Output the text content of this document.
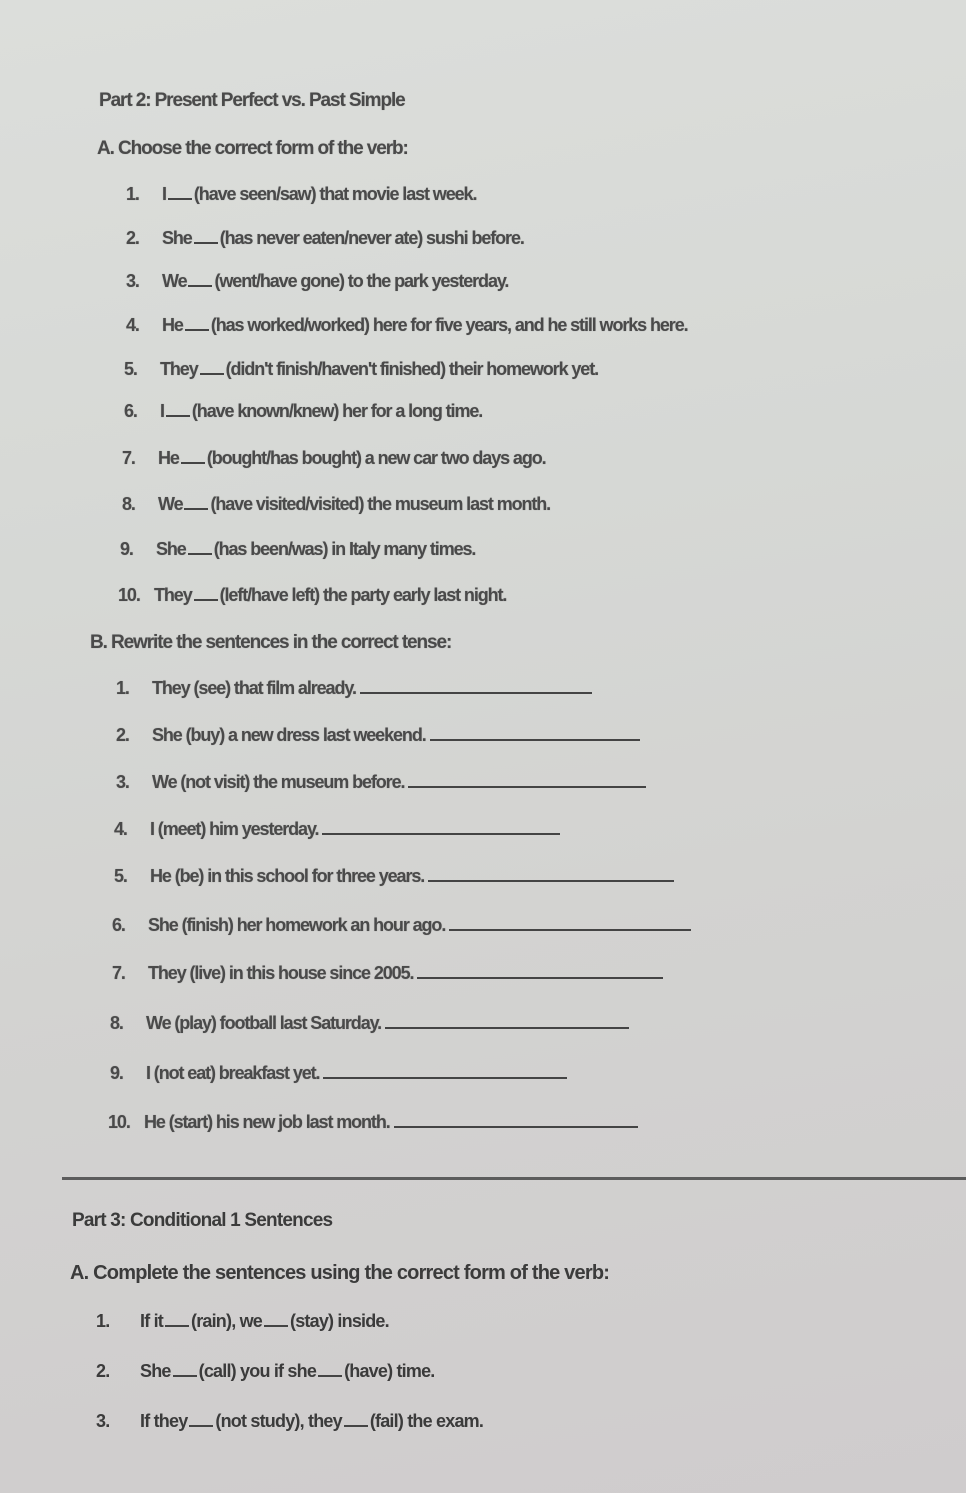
Part 2: Present Perfect vs. Past Simple
A. Choose the correct form of the verb:
1. I (have seen/saw) that movie last week.
2. She (has never eaten/never ate) sushi before.
3. We (went/have gone) to the park yesterday.
4. He (has worked/worked) here for five years, and he still works here.
5. They (didn't finish/haven't finished) their homework yet.
6. I (have known/knew) her for a long time.
7. He (bought/has bought) a new car two days ago.
8. We (have visited/visited) the museum last month.
9. She (has been/was) in Italy many times.
10. They (left/have left) the party early last night.
B. Rewrite the sentences in the correct tense:
1. They (see) that film already.
2. She (buy) a new dress last weekend.
3. We (not visit) the museum before.
4. I (meet) him yesterday.
5. He (be) in this school for three years.
6. She (finish) her homework an hour ago.
7. They (live) in this house since 2005.
8. We (play) football last Saturday.
9. I (not eat) breakfast yet.
10. He (start) his new job last month.
Part 3: Conditional 1 Sentences
A. Complete the sentences using the correct form of the verb:
1. If it (rain), we (stay) inside.
2. She (call) you if she (have) time.
3. If they (not study), they (fail) the exam.
